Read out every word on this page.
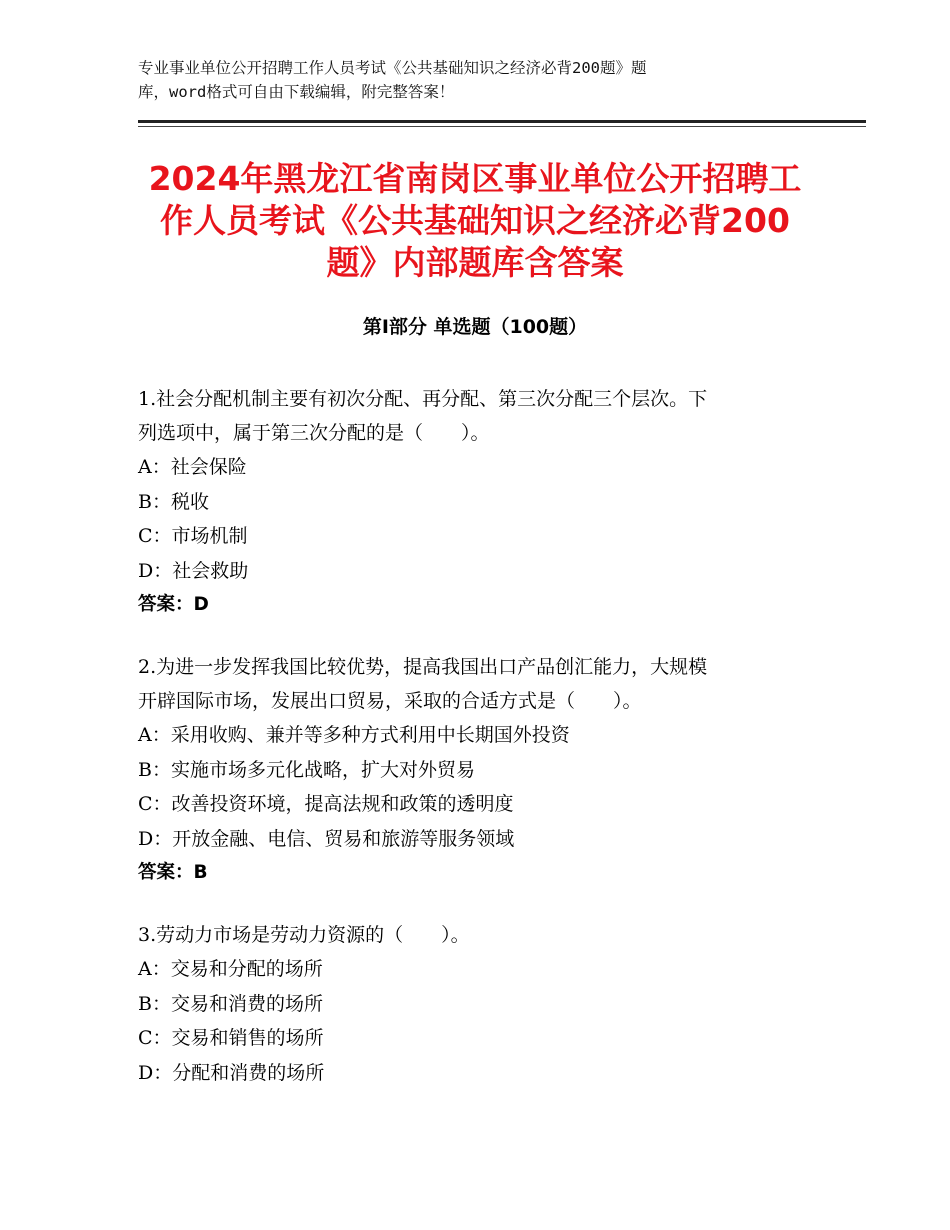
专业事业单位公开招聘工作人员考试《公共基础知识之经济必背200题》题
库，word格式可自由下载编辑，附完整答案！
2024年黑龙江省南岗区事业单位公开招聘工
作人员考试《公共基础知识之经济必背200
题》内部题库含答案
第Ⅰ部分 单选题（100题）
1.社会分配机制主要有初次分配、再分配、第三次分配三个层次。下
列选项中，属于第三次分配的是（　　）。
A：社会保险
B：税收
C：市场机制
D：社会救助
答案：D
2.为进一步发挥我国比较优势，提高我国出口产品创汇能力，大规模
开辟国际市场，发展出口贸易，采取的合适方式是（　　）。
A：采用收购、兼并等多种方式利用中长期国外投资
B：实施市场多元化战略，扩大对外贸易
C：改善投资环境，提高法规和政策的透明度
D：开放金融、电信、贸易和旅游等服务领域
答案：B
3.劳动力市场是劳动力资源的（　　）。
A：交易和分配的场所
B：交易和消费的场所
C：交易和销售的场所
D：分配和消费的场所
